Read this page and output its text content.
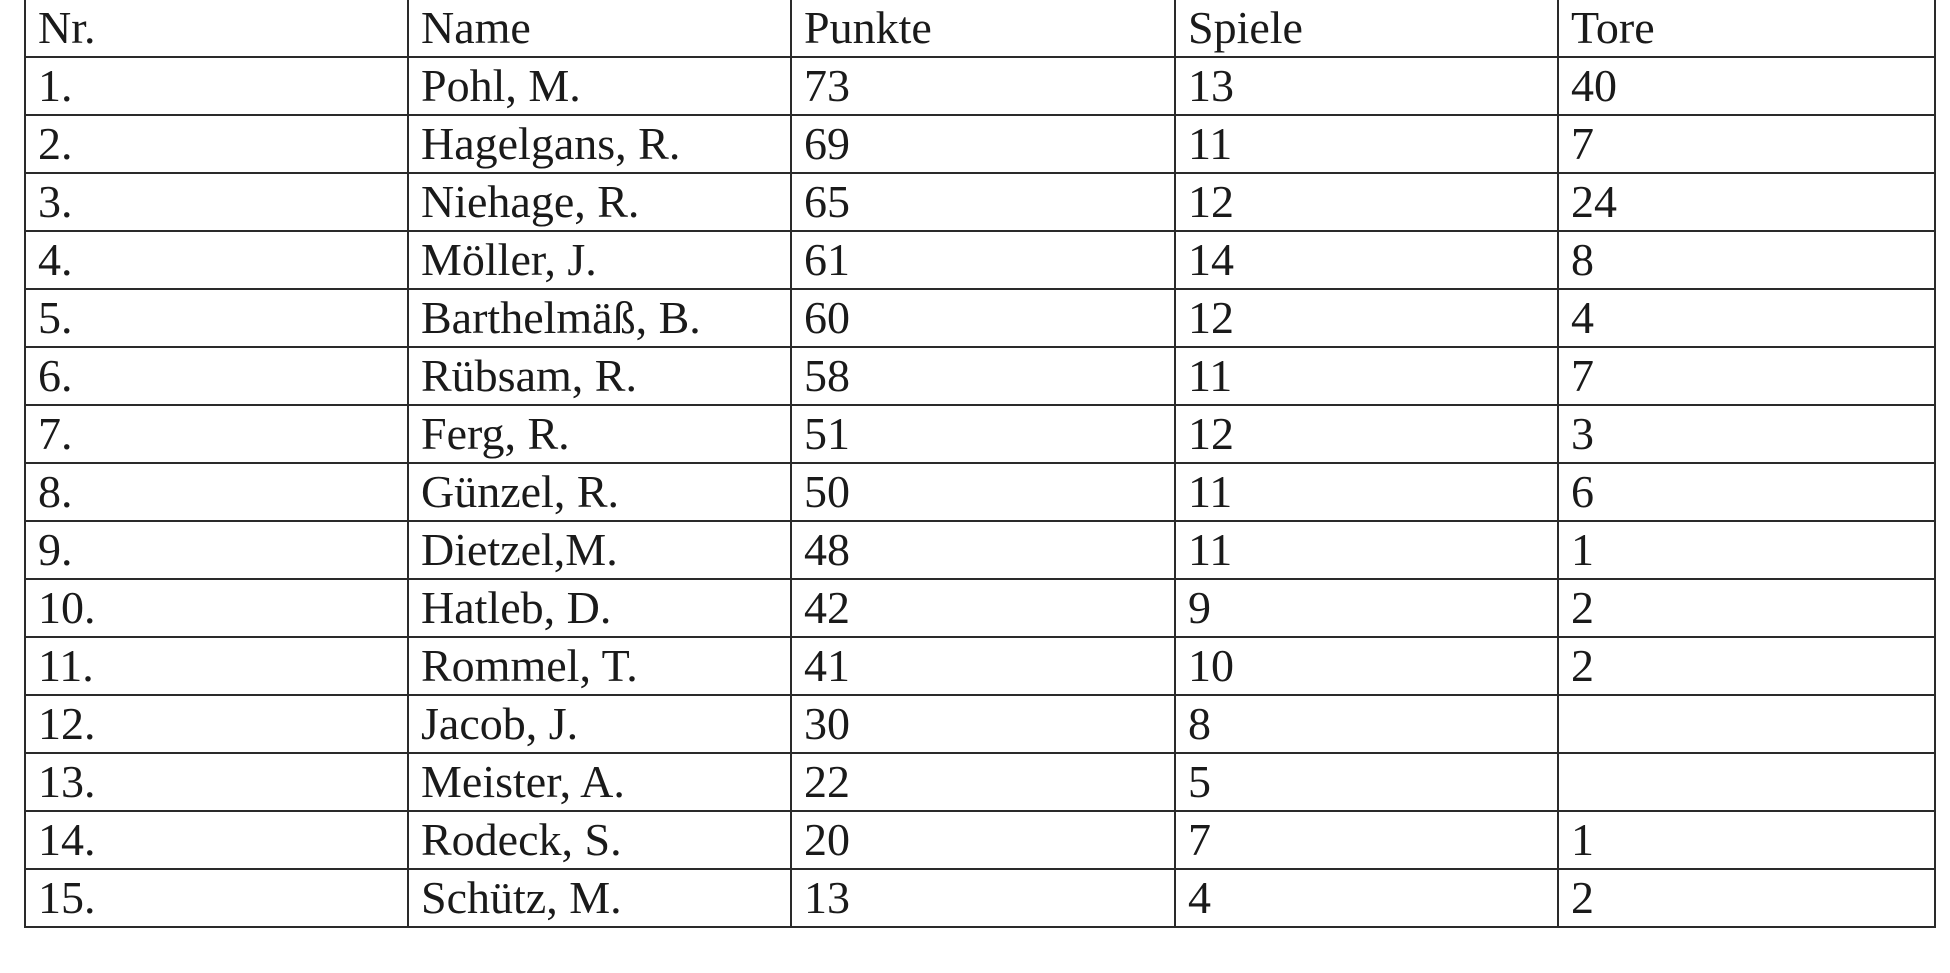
Nr.	Name	Punkte	Spiele	Tore
1.	Pohl, M.	73	13	40
2.	Hagelgans, R.	69	11	7
3.	Niehage, R.	65	12	24
4.	Möller, J.	61	14	8
5.	Barthelmäß, B.	60	12	4
6.	Rübsam, R.	58	11	7
7.	Ferg, R.	51	12	3
8.	Günzel, R.	50	11	6
9.	Dietzel,M.	48	11	1
10.	Hatleb, D.	42	9	2
11.	Rommel, T.	41	10	2
12.	Jacob, J.	30	8	
13.	Meister, A.	22	5	
14.	Rodeck, S.	20	7	1
15.	Schütz, M.	13	4	2
